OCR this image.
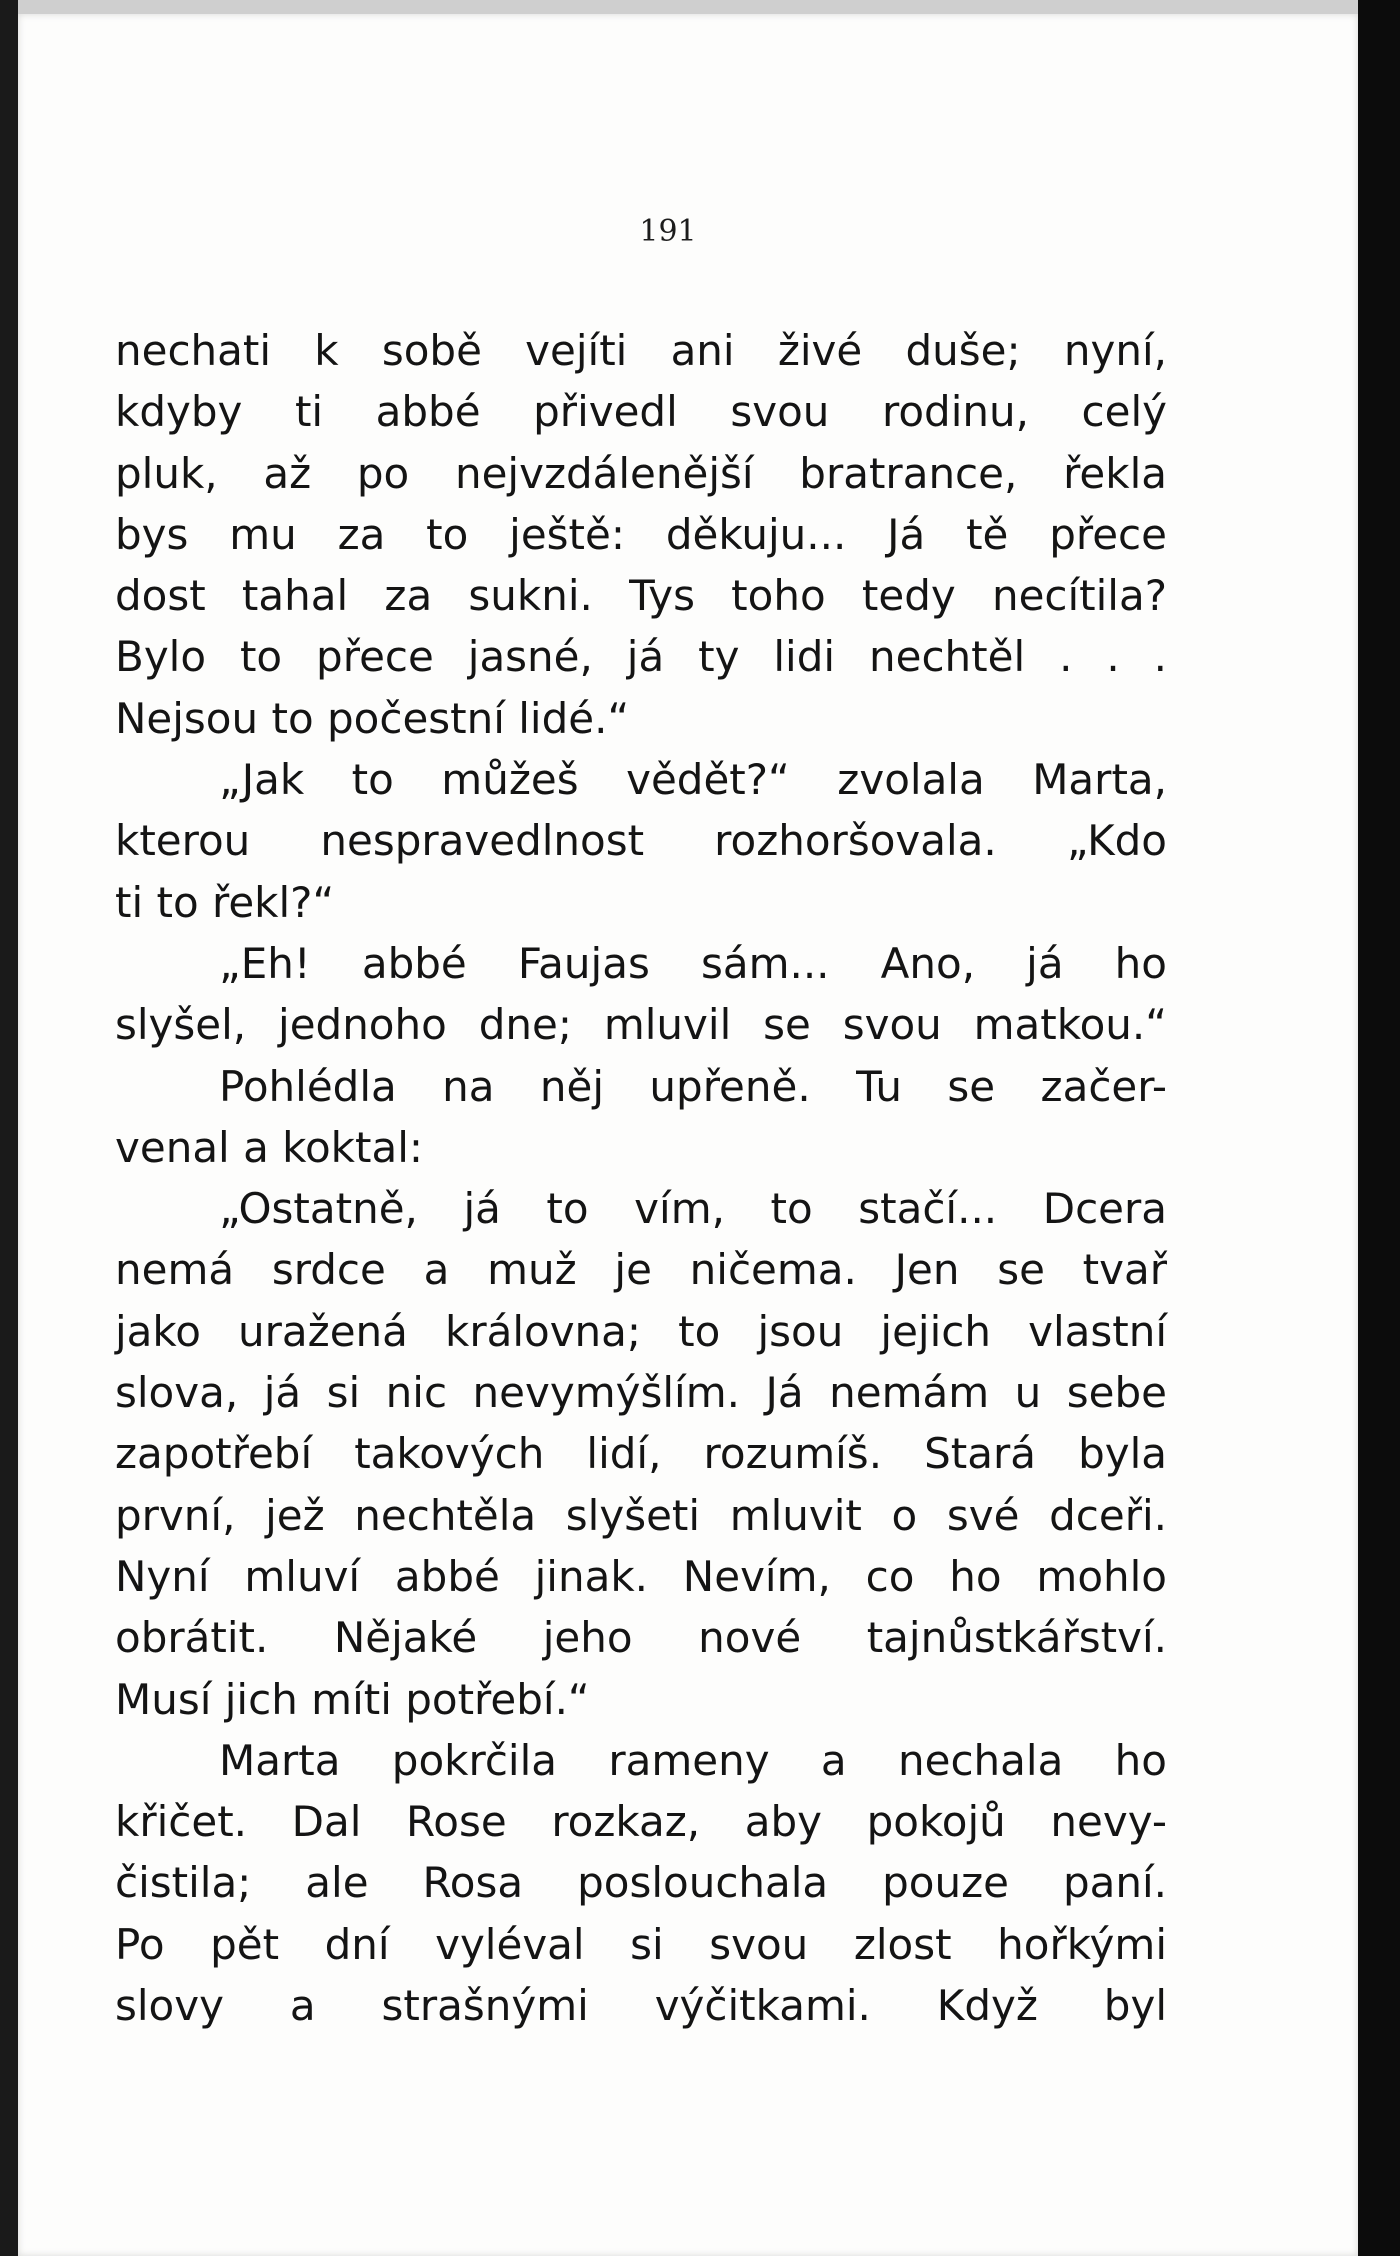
191
nechati k sobě vejíti ani živé duše; nyní,
kdyby ti abbé přivedl svou rodinu, celý
pluk, až po nejvzdálenější bratrance, řekla
bys mu za to ještě: děkuju... Já tě přece
dost tahal za sukni. Tys toho tedy necítila?
Bylo to přece jasné, já ty lidi nechtěl . . .
Nejsou to počestní lidé.“
„Jak to můžeš vědět?“ zvolala Marta,
kterou nespravedlnost rozhoršovala. „Kdo
ti to řekl?“
„Eh! abbé Faujas sám... Ano, já ho
slyšel, jednoho dne; mluvil se svou matkou.“
Pohlédla na něj upřeně. Tu se začer-
venal a koktal:
„Ostatně, já to vím, to stačí... Dcera
nemá srdce a muž je ničema. Jen se tvař
jako uražená královna; to jsou jejich vlastní
slova, já si nic nevymýšlím. Já nemám u sebe
zapotřebí takových lidí, rozumíš. Stará byla
první, jež nechtěla slyšeti mluvit o své dceři.
Nyní mluví abbé jinak. Nevím, co ho mohlo
obrátit. Nějaké jeho nové tajnůstkářství.
Musí jich míti potřebí.“
Marta pokrčila rameny a nechala ho
křičet. Dal Rose rozkaz, aby pokojů nevy-
čistila; ale Rosa poslouchala pouze paní.
Po pět dní vyléval si svou zlost hořkými
slovy a strašnými výčitkami. Když byl
